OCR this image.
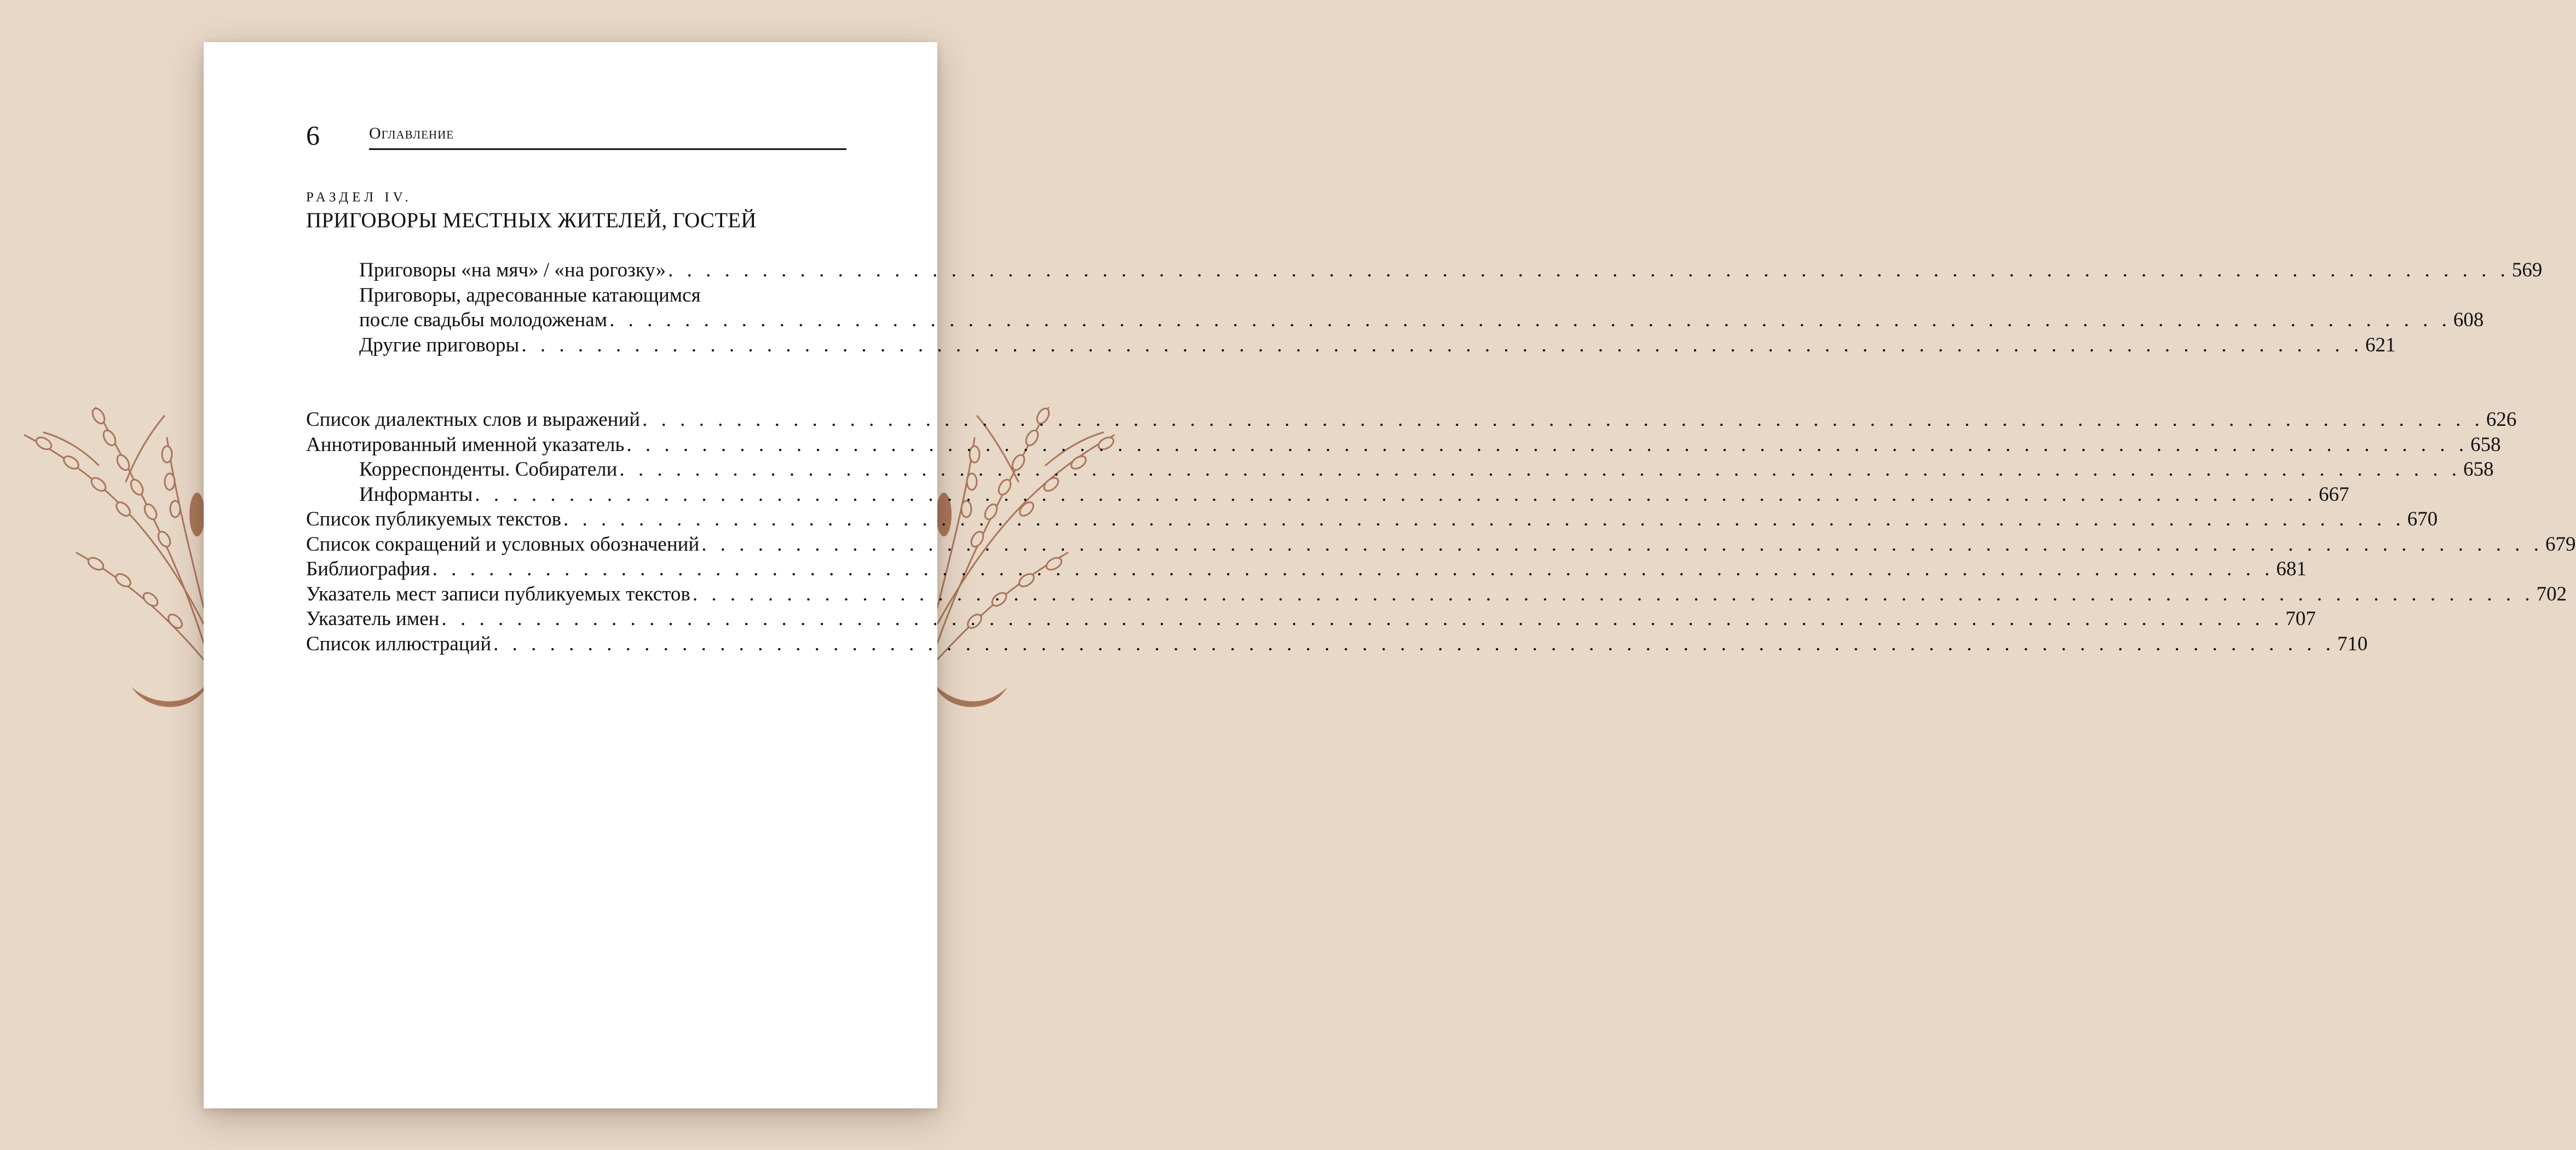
6	Оглавление
РАЗДЕЛ IV.
ПРИГОВОРЫ МЕСТНЫХ ЖИТЕЛЕЙ, ГОСТЕЙ
Приговоры «на мяч» / «на рогозку» . . . . . . . . . . . . . . . . . . . . . . . . . . . . . . . . . . . . . . . . . . . . . . . . . . . . . . . . . . . . . . . . . . . . . . . . . . . . . . . . . . . . . . . . . . . . . . . . . . 569
Приговоры, адресованные катающимся
после свадьбы молодоженам . . . . . . . . . . . . . . . . . . . . . . . . . . . . . . . . . . . . . . . . . . . . . . . . . . . . . . . . . . . . . . . . . . . . . . . . . . . . . . . . . . . . . . . . . . . . . . . . . . 608
Другие приговоры . . . . . . . . . . . . . . . . . . . . . . . . . . . . . . . . . . . . . . . . . . . . . . . . . . . . . . . . . . . . . . . . . . . . . . . . . . . . . . . . . . . . . . . . . . . . . . . . . . 621
Список диалектных слов и выражений . . . . . . . . . . . . . . . . . . . . . . . . . . . . . . . . . . . . . . . . . . . . . . . . . . . . . . . . . . . . . . . . . . . . . . . . . . . . . . . . . . . . . . . . . . . . . . . . . . 626
Аннотированный именной указатель . . . . . . . . . . . . . . . . . . . . . . . . . . . . . . . . . . . . . . . . . . . . . . . . . . . . . . . . . . . . . . . . . . . . . . . . . . . . . . . . . . . . . . . . . . . . . . . . . . 658
Корреспонденты. Собиратели . . . . . . . . . . . . . . . . . . . . . . . . . . . . . . . . . . . . . . . . . . . . . . . . . . . . . . . . . . . . . . . . . . . . . . . . . . . . . . . . . . . . . . . . . . . . . . . . . . 658
Информанты . . . . . . . . . . . . . . . . . . . . . . . . . . . . . . . . . . . . . . . . . . . . . . . . . . . . . . . . . . . . . . . . . . . . . . . . . . . . . . . . . . . . . . . . . . . . . . . . . . 667
Список публикуемых текстов . . . . . . . . . . . . . . . . . . . . . . . . . . . . . . . . . . . . . . . . . . . . . . . . . . . . . . . . . . . . . . . . . . . . . . . . . . . . . . . . . . . . . . . . . . . . . . . . . . 670
Список сокращений и условных обозначений . . . . . . . . . . . . . . . . . . . . . . . . . . . . . . . . . . . . . . . . . . . . . . . . . . . . . . . . . . . . . . . . . . . . . . . . . . . . . . . . . . . . . . . . . . . . . . . . . . 679
Библиография . . . . . . . . . . . . . . . . . . . . . . . . . . . . . . . . . . . . . . . . . . . . . . . . . . . . . . . . . . . . . . . . . . . . . . . . . . . . . . . . . . . . . . . . . . . . . . . . . . 681
Указатель мест записи публикуемых текстов . . . . . . . . . . . . . . . . . . . . . . . . . . . . . . . . . . . . . . . . . . . . . . . . . . . . . . . . . . . . . . . . . . . . . . . . . . . . . . . . . . . . . . . . . . . . . . . . . . 702
Указатель имен . . . . . . . . . . . . . . . . . . . . . . . . . . . . . . . . . . . . . . . . . . . . . . . . . . . . . . . . . . . . . . . . . . . . . . . . . . . . . . . . . . . . . . . . . . . . . . . . . . 707
Список иллюстраций . . . . . . . . . . . . . . . . . . . . . . . . . . . . . . . . . . . . . . . . . . . . . . . . . . . . . . . . . . . . . . . . . . . . . . . . . . . . . . . . . . . . . . . . . . . . . . . . . . 710
